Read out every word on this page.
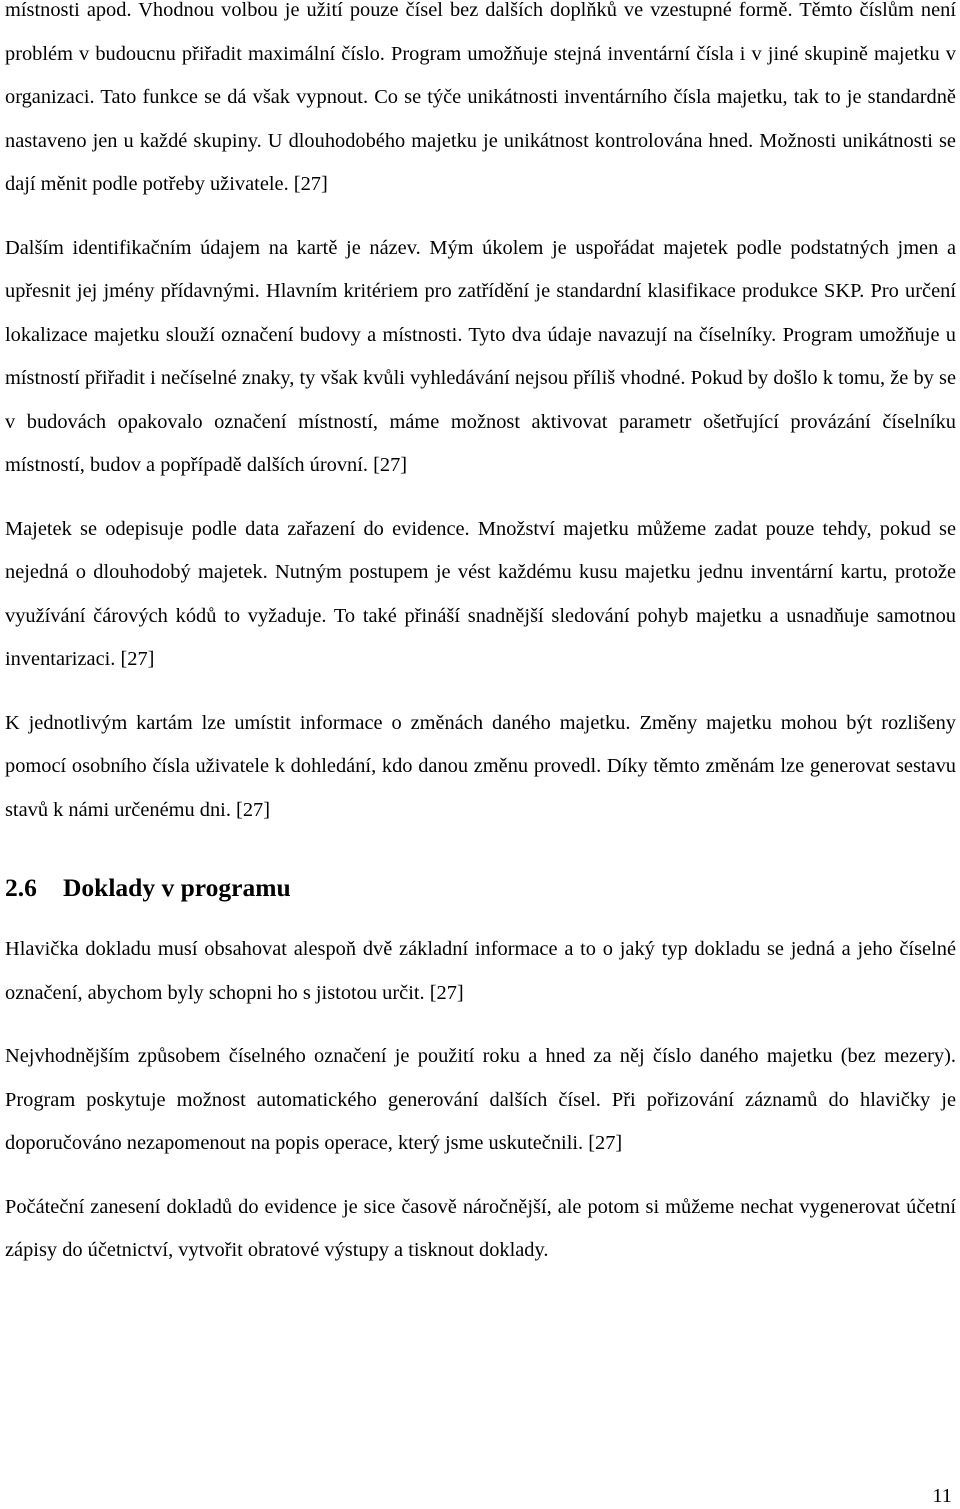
místnosti apod. Vhodnou volbou je užití pouze čísel bez dalších doplňků ve vzestupné formě. Těmto číslům není problém v budoucnu přiřadit maximální číslo. Program umožňuje stejná inventární čísla i v jiné skupině majetku v organizaci. Tato funkce se dá však vypnout. Co se týče unikátnosti inventárního čísla majetku, tak to je standardně nastaveno jen u každé skupiny. U dlouhodobého majetku je unikátnost kontrolována hned. Možnosti unikátnosti se dají měnit podle potřeby uživatele. [27]

Dalším identifikačním údajem na kartě je název. Mým úkolem je uspořádat majetek podle podstatných jmen a upřesnit jej jmény přídavnými. Hlavním kritériem pro zatřídění je standardní klasifikace produkce SKP. Pro určení lokalizace majetku slouží označení budovy a místnosti. Tyto dva údaje navazují na číselníky. Program umožňuje u místností přiřadit i nečíselné znaky, ty však kvůli vyhledávání nejsou příliš vhodné. Pokud by došlo k tomu, že by se v budovách opakovalo označení místností, máme možnost aktivovat parametr ošetřující provázání číselníku místností, budov a popřípadě dalších úrovní. [27]

Majetek se odepisuje podle data zařazení do evidence. Množství majetku můžeme zadat pouze tehdy, pokud se nejedná o dlouhodobý majetek. Nutným postupem je vést každému kusu majetku jednu inventární kartu, protože využívání čárových kódů to vyžaduje. To také přináší snadnější sledování pohyb majetku a usnadňuje samotnou inventarizaci. [27]

K jednotlivým kartám lze umístit informace o změnách daného majetku. Změny majetku mohou být rozlišeny pomocí osobního čísla uživatele k dohledání, kdo danou změnu provedl. Díky těmto změnám lze generovat sestavu stavů k námi určenému dni. [27]

2.6	Doklady v programu

Hlavička dokladu musí obsahovat alespoň dvě základní informace a to o jaký typ dokladu se jedná a jeho číselné označení, abychom byly schopni ho s jistotou určit. [27]

Nejvhodnějším způsobem číselného označení je použití roku a hned za něj číslo daného majetku (bez mezery). Program poskytuje možnost automatického generování dalších čísel. Při pořizování záznamů do hlavičky je doporučováno nezapomenout na popis operace, který jsme uskutečnili. [27]

Počáteční zanesení dokladů do evidence je sice časově náročnější, ale potom si můžeme nechat vygenerovat účetní zápisy do účetnictví, vytvořit obratové výstupy a tisknout doklady.

11
